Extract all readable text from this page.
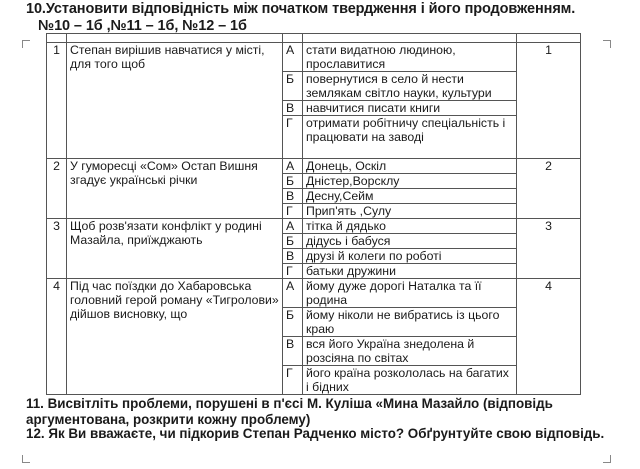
10.Установити відповідність між початком твердження і його продовженням.
№10 – 1б ,№11 – 1б, №12 – 1б

1	Степан вирішив навчатися у місті, для того щоб	А	стати видатною людиною, прославитися	1
		Б	повернутися в село й нести землякам світло науки, культури	
		В	навчитися писати книги	
		Г	отримати робітничу спеціальність і працювати на заводі	
2	У гуморесці «Сом» Остап Вишня згадує українські річки	А	Донець, Оскіл	2
		Б	Дністер,Ворсклу	
		В	Десну,Сейм	
		Г	Прип'ять ,Сулу	
3	Щоб розв'язати конфлікт у родині Мазайла, приїжджають	А	тітка й дядько	3
		Б	дідусь і бабуся	
		В	друзі й колеги по роботі	
		Г	батьки дружини	
4	Під час поїздки до Хабаровська головний герой роману «Тигролови» дійшов висновку, що	А	йому дуже дорогі Наталка та її родина	4
		Б	йому ніколи не вибратись із цього краю	
		В	вся його Україна знедолена й розсіяна по світах	
		Г	його країна розкололась на багатих і бідних	
11. Висвітліть проблеми, порушені в п'єсі М. Куліша «Мина Мазайло (відповідь аргументована, розкрити кожну проблему)
12. Як Ви вважаєте, чи підкорив Степан Радченко місто? Обґрунтуйте свою відповідь.
